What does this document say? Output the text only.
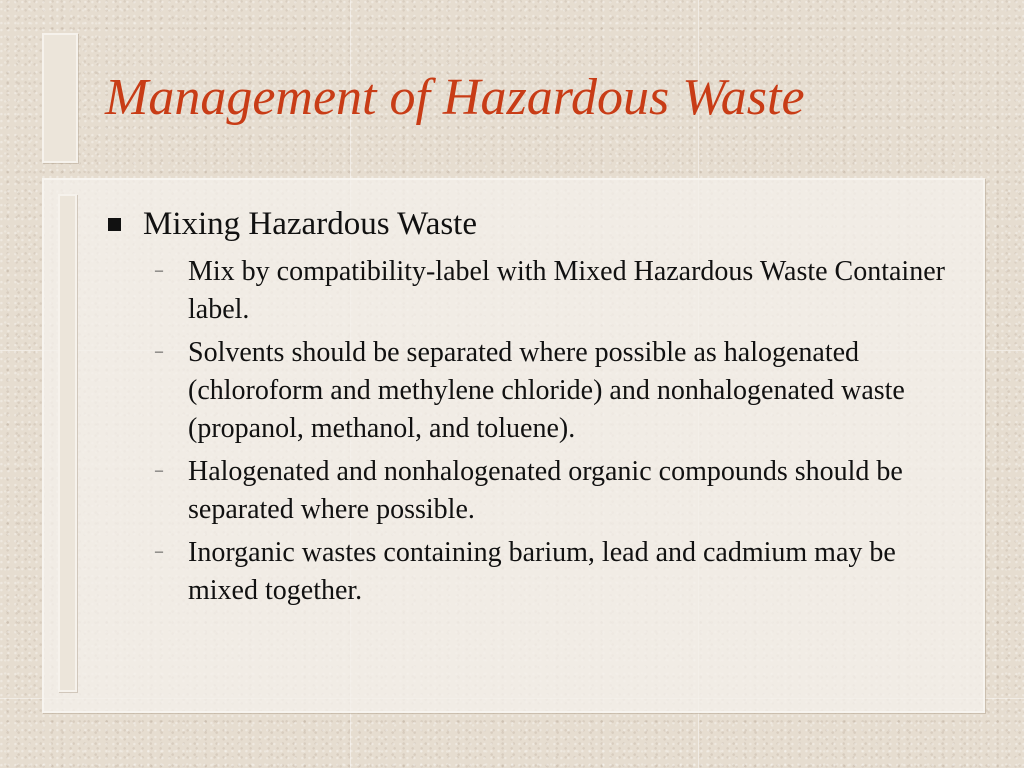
Management of Hazardous Waste
Mixing Hazardous Waste
– Mix by compatibility-label with Mixed Hazardous Waste Container label.
– Solvents should be separated where possible as halogenated (chloroform and methylene chloride) and nonhalogenated waste (propanol, methanol, and toluene).
– Halogenated and nonhalogenated organic compounds should be separated where possible.
– Inorganic wastes containing barium, lead and cadmium may be mixed together.
